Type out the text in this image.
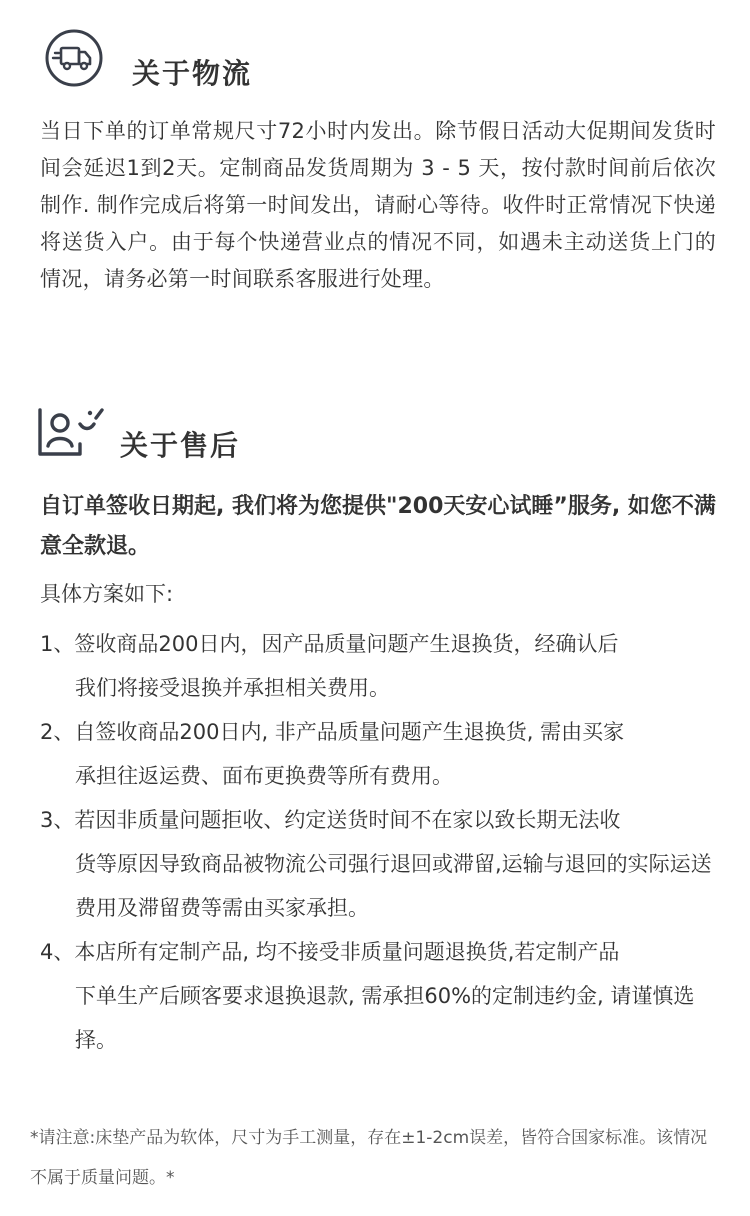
关于物流

当日下单的订单常规尺寸72小时内发出。除节假日活动大促期间发货时间会延迟1到2天。定制商品发货周期为 3 - 5 天，按付款时间前后依次制作. 制作完成后将第一时间发出，请耐心等待。收件时正常情况下快递将送货入户。由于每个快递营业点的情况不同，如遇未主动送货上门的情况，请务必第一时间联系客服进行处理。

关于售后

自订单签收日期起, 我们将为您提供"200天安心试睡”服务, 如您不满意全款退。

具体方案如下:
1、签收商品200日内，因产品质量问题产生退换货，经确认后
我们将接受退换并承担相关费用。
2、自签收商品200日内, 非产品质量问题产生退换货, 需由买家
承担往返运费、面布更换费等所有费用。
3、若因非质量问题拒收、约定送货时间不在家以致长期无法收
货等原因导致商品被物流公司强行退回或滞留,运输与退回的实际运送费用及滞留费等需由买家承担。
4、本店所有定制产品, 均不接受非质量问题退换货,若定制产品
下单生产后顾客要求退换退款, 需承担60%的定制违约金, 请谨慎选择。

*请注意:床垫产品为软体，尺寸为手工测量，存在±1-2cm误差，皆符合国家标准。该情况不属于质量问题。*
